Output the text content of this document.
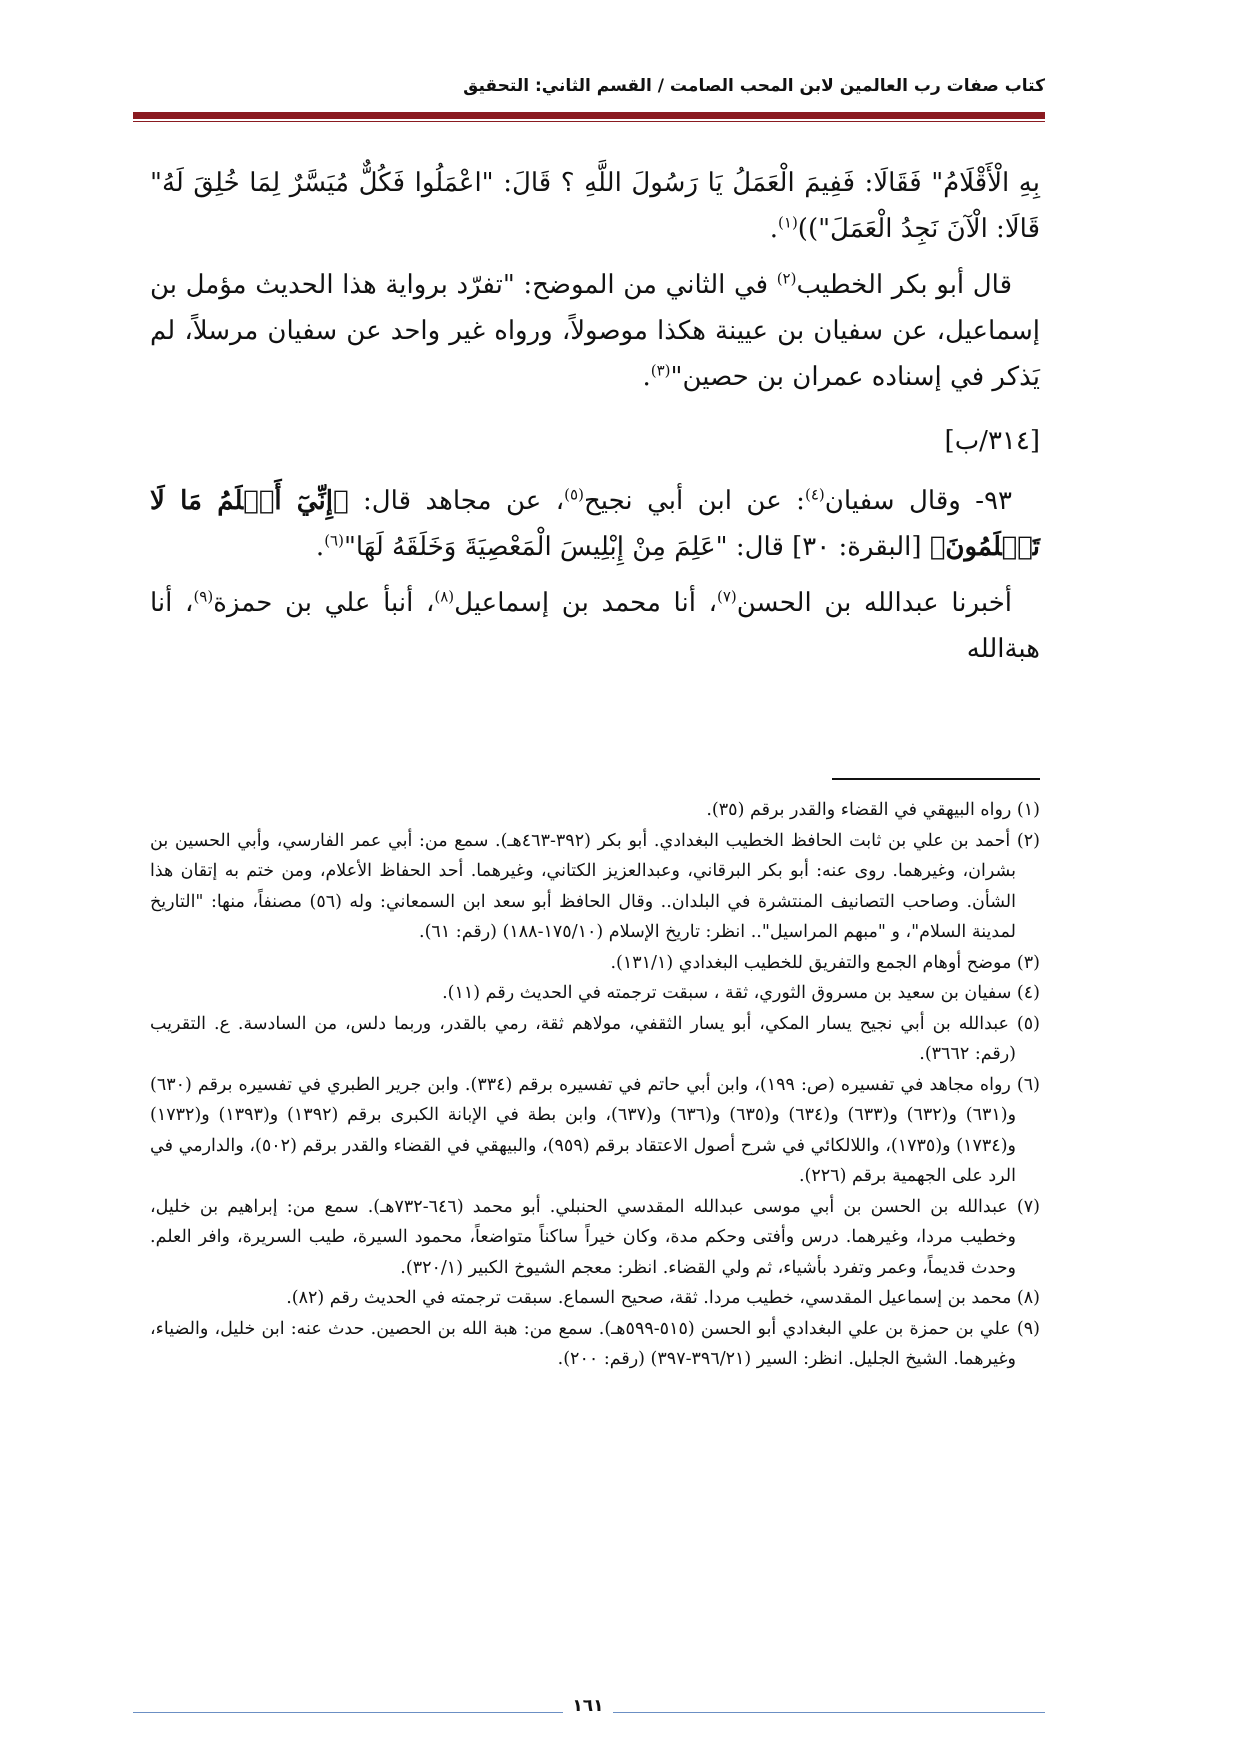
كتاب صفات رب العالمين لابن المحب الصامت / القسم الثاني: التحقيق

بِهِ الْأَقْلَامُ" فَقَالَا: فَفِيمَ الْعَمَلُ يَا رَسُولَ اللَّهِ ؟ قَالَ: "اعْمَلُوا فَكُلٌّ مُيَسَّرٌ لِمَا خُلِقَ لَهُ" قَالَا: الْآنَ نَجِدُ الْعَمَلَ"))$^{(١)}$.

قال أبو بكر الخطيب$^{(٢)}$ في الثاني من الموضح: "تفرّد برواية هذا الحديث مؤمل بن إسماعيل، عن سفيان بن عيينة هكذا موصولاً، ورواه غير واحد عن سفيان مرسلاً، لم يَذكر في إسناده عمران بن حصين"$^{(٣)}$.

[٣١٤/ب]

٩٣- وقال سفيان$^{(٤)}$: عن ابن أبي نجيح$^{(٥)}$، عن مجاهد قال: ﴿إِنِّيٓ أَعۡلَمُ مَا لَا تَعۡلَمُونَ﴾ [البقرة: ٣٠] قال: "عَلِمَ مِنْ إِبْلِيسَ الْمَعْصِيَةَ وَخَلَقَهُ لَهَا"$^{(٦)}$.

أخبرنا عبدالله بن الحسن$^{(٧)}$، أنا محمد بن إسماعيل$^{(٨)}$، أنبأ علي بن حمزة$^{(٩)}$، أنا هبةالله

(١) رواه البيهقي في القضاء والقدر برقم (٣٥).

(٢) أحمد بن علي بن ثابت الحافظ الخطيب البغدادي. أبو بكر (٣٩٢-٤٦٣هـ). سمع من: أبي عمر الفارسي، وأبي الحسين بن بشران، وغيرهما. روى عنه: أبو بكر البرقاني، وعبدالعزيز الكتاني، وغيرهما. أحد الحفاظ الأعلام، ومن ختم به إتقان هذا الشأن. وصاحب التصانيف المنتشرة في البلدان.. وقال الحافظ أبو سعد ابن السمعاني: وله (٥٦) مصنفاً، منها: "التاريخ لمدينة السلام"، و "مبهم المراسيل".. انظر: تاريخ الإسلام (١٧٥/١٠-١٨٨) (رقم: ٦١).

(٣) موضح أوهام الجمع والتفريق للخطيب البغدادي (١٣١/١).

(٤) سفيان بن سعيد بن مسروق الثوري، ثقة ، سبقت ترجمته في الحديث رقم (١١).

(٥) عبدالله بن أبي نجيح يسار المكي، أبو يسار الثقفي، مولاهم ثقة، رمي بالقدر، وربما دلس، من السادسة. ع. التقريب (رقم: ٣٦٦٢).

(٦) رواه مجاهد في تفسيره (ص: ١٩٩)، وابن أبي حاتم في تفسيره برقم (٣٣٤). وابن جرير الطبري في تفسيره برقم (٦٣٠) و(٦٣١) و(٦٣٢) و(٦٣٣) و(٦٣٤) و(٦٣٥) و(٦٣٦) و(٦٣٧)، وابن بطة في الإبانة الكبرى برقم (١٣٩٢) و(١٣٩٣) و(١٧٣٢) و(١٧٣٤) و(١٧٣٥)، واللالكائي في شرح أصول الاعتقاد برقم (٩٥٩)، والبيهقي في القضاء والقدر برقم (٥٠٢)، والدارمي في الرد على الجهمية برقم (٢٢٦).

(٧) عبدالله بن الحسن بن أبي موسى عبدالله المقدسي الحنبلي. أبو محمد (٦٤٦-٧٣٢هـ). سمع من: إبراهيم بن خليل، وخطيب مردا، وغيرهما. درس وأفتى وحكم مدة، وكان خيراً ساكناً متواضعاً، محمود السيرة، طيب السريرة، وافر العلم. وحدث قديماً، وعمر وتفرد بأشياء، ثم ولي القضاء. انظر: معجم الشيوخ الكبير (٣٢٠/١).

(٨) محمد بن إسماعيل المقدسي، خطيب مردا. ثقة، صحيح السماع. سبقت ترجمته في الحديث رقم (٨٢).

(٩) علي بن حمزة بن علي البغدادي أبو الحسن (٥١٥-٥٩٩هـ). سمع من: هبة الله بن الحصين. حدث عنه: ابن خليل، والضياء، وغيرهما. الشيخ الجليل. انظر: السير (٣٩٦/٢١-٣٩٧) (رقم: ٢٠٠).

١٦١
